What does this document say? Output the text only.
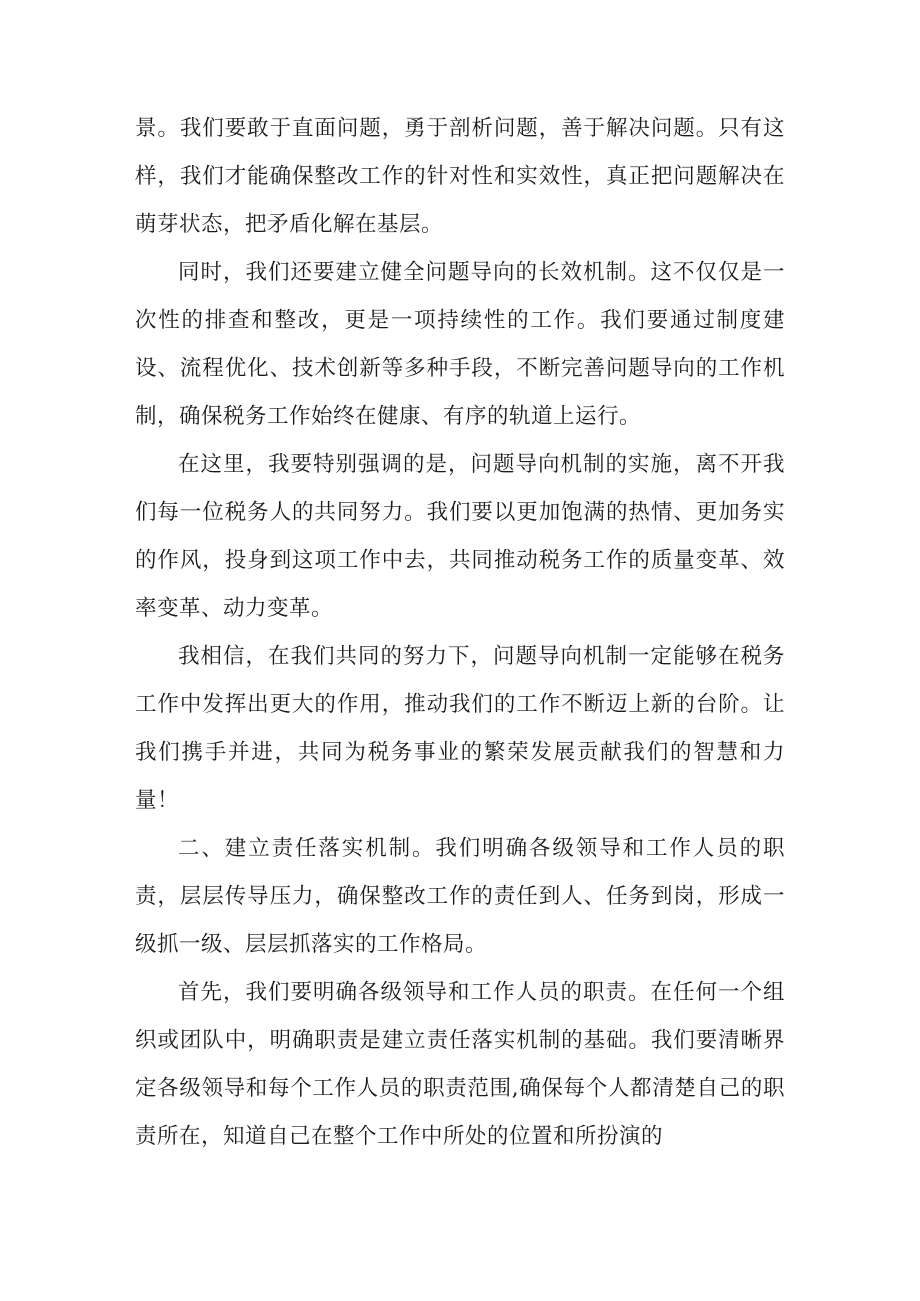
景。我们要敢于直面问题，勇于剖析问题，善于解决问题。只有这样，我们才能确保整改工作的针对性和实效性，真正把问题解决在萌芽状态，把矛盾化解在基层。

同时，我们还要建立健全问题导向的长效机制。这不仅仅是一次性的排查和整改，更是一项持续性的工作。我们要通过制度建设、流程优化、技术创新等多种手段，不断完善问题导向的工作机制，确保税务工作始终在健康、有序的轨道上运行。

在这里，我要特别强调的是，问题导向机制的实施，离不开我们每一位税务人的共同努力。我们要以更加饱满的热情、更加务实的作风，投身到这项工作中去，共同推动税务工作的质量变革、效率变革、动力变革。

我相信，在我们共同的努力下，问题导向机制一定能够在税务工作中发挥出更大的作用，推动我们的工作不断迈上新的台阶。让我们携手并进，共同为税务事业的繁荣发展贡献我们的智慧和力量！

二、建立责任落实机制。我们明确各级领导和工作人员的职责，层层传导压力，确保整改工作的责任到人、任务到岗，形成一级抓一级、层层抓落实的工作格局。

首先，我们要明确各级领导和工作人员的职责。在任何一个组织或团队中，明确职责是建立责任落实机制的基础。我们要清晰界定各级领导和每个工作人员的职责范围,确保每个人都清楚自己的职责所在，知道自己在整个工作中所处的位置和所扮演的
